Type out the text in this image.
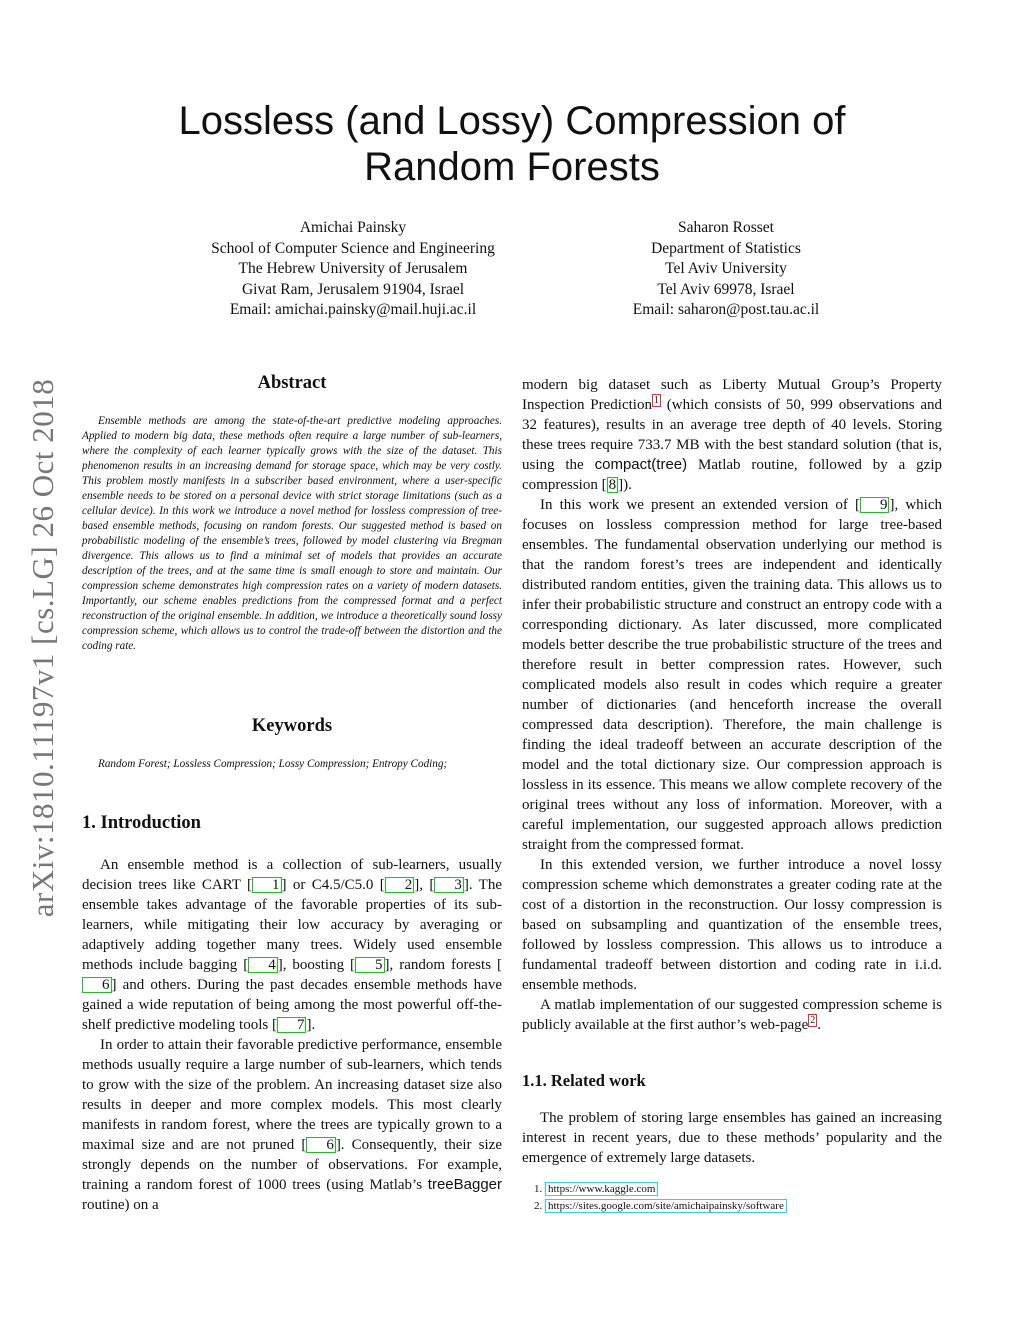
arXiv:1810.11197v1 [cs.LG] 26 Oct 2018
Lossless (and Lossy) Compression of Random Forests
Amichai Painsky
School of Computer Science and Engineering
The Hebrew University of Jerusalem
Givat Ram, Jerusalem 91904, Israel
Email: amichai.painsky@mail.huji.ac.il
Saharon Rosset
Department of Statistics
Tel Aviv University
Tel Aviv 69978, Israel
Email: saharon@post.tau.ac.il
Abstract

Ensemble methods are among the state-of-the-art predictive modeling approaches. Applied to modern big data, these methods often require a large number of sub-learners, where the complexity of each learner typically grows with the size of the dataset. This phenomenon results in an increasing demand for storage space, which may be very costly. This problem mostly manifests in a subscriber based environment, where a user-specific ensemble needs to be stored on a personal device with strict storage limitations (such as a cellular device). In this work we introduce a novel method for lossless compression of tree-based ensemble methods, focusing on random forests. Our suggested method is based on probabilistic modeling of the ensemble’s trees, followed by model clustering via Bregman divergence. This allows us to find a minimal set of models that provides an accurate description of the trees, and at the same time is small enough to store and maintain. Our compression scheme demonstrates high compression rates on a variety of modern datasets. Importantly, our scheme enables predictions from the compressed format and a perfect reconstruction of the original ensemble. In addition, we introduce a theoretically sound lossy compression scheme, which allows us to control the trade-off between the distortion and the coding rate.

Keywords

Random Forest; Lossless Compression; Lossy Compression; Entropy Coding;

1. Introduction

An ensemble method is a collection of sub-learners, usually decision trees like CART [ 1 ] or C4.5/C5.0 [ 2 ], [ 3 ]. The ensemble takes advantage of the favorable properties of its sub-learners, while mitigating their low accuracy by averaging or adaptively adding together many trees. Widely used ensemble methods include bagging [ 4 ], boosting [ 5 ], random forests [6 ] and others. During the past decades ensemble methods have gained a wide reputation of being among the most powerful off-the-shelf predictive modeling tools [ 7 ].

In order to attain their favorable predictive performance, ensemble methods usually require a large number of sub-learners, which tends to grow with the size of the problem. An increasing dataset size also results in deeper and more complex models. This most clearly manifests in random forest, where the trees are typically grown to a maximal size and are not pruned [ 6 ]. Consequently, their size strongly depends on the number of observations. For example, training a random forest of 1000 trees (using Matlab’s treeBagger routine) on a

modern big dataset such as Liberty Mutual Group’s Property Inspection Prediction $^1$ (which consists of 50, 999 observations and 32 features), results in an average tree depth of 40 levels. Storing these trees require 733.7 MB with the best standard solution (that is, using the compact(tree) Matlab routine, followed by a gzip compression [ 8 ]).

In this work we present an extended version of [ 9 ], which focuses on lossless compression method for large tree-based ensembles. The fundamental observation underlying our method is that the random forest’s trees are independent and identically distributed random entities, given the training data. This allows us to infer their probabilistic structure and construct an entropy code with a corresponding dictionary. As later discussed, more complicated models better describe the true probabilistic structure of the trees and therefore result in better compression rates. However, such complicated models also result in codes which require a greater number of dictionaries (and henceforth increase the overall compressed data description). Therefore, the main challenge is finding the ideal tradeoff between an accurate description of the model and the total dictionary size. Our compression approach is lossless in its essence. This means we allow complete recovery of the original trees without any loss of information. Moreover, with a careful implementation, our suggested approach allows prediction straight from the compressed format.

In this extended version, we further introduce a novel lossy compression scheme which demonstrates a greater coding rate at the cost of a distortion in the reconstruction. Our lossy compression is based on subsampling and quantization of the ensemble trees, followed by lossless compression. This allows us to introduce a fundamental tradeoff between distortion and coding rate in i.i.d. ensemble methods.

A matlab implementation of our suggested compression scheme is publicly available at the first author’s web-page $^2$ .

1.1. Related work

The problem of storing large ensembles has gained an increasing interest in recent years, due to these methods’ popularity and the emergence of extremely large datasets.

1. https://www.kaggle.com
2. https://sites.google.com/site/amichaipainsky/software
